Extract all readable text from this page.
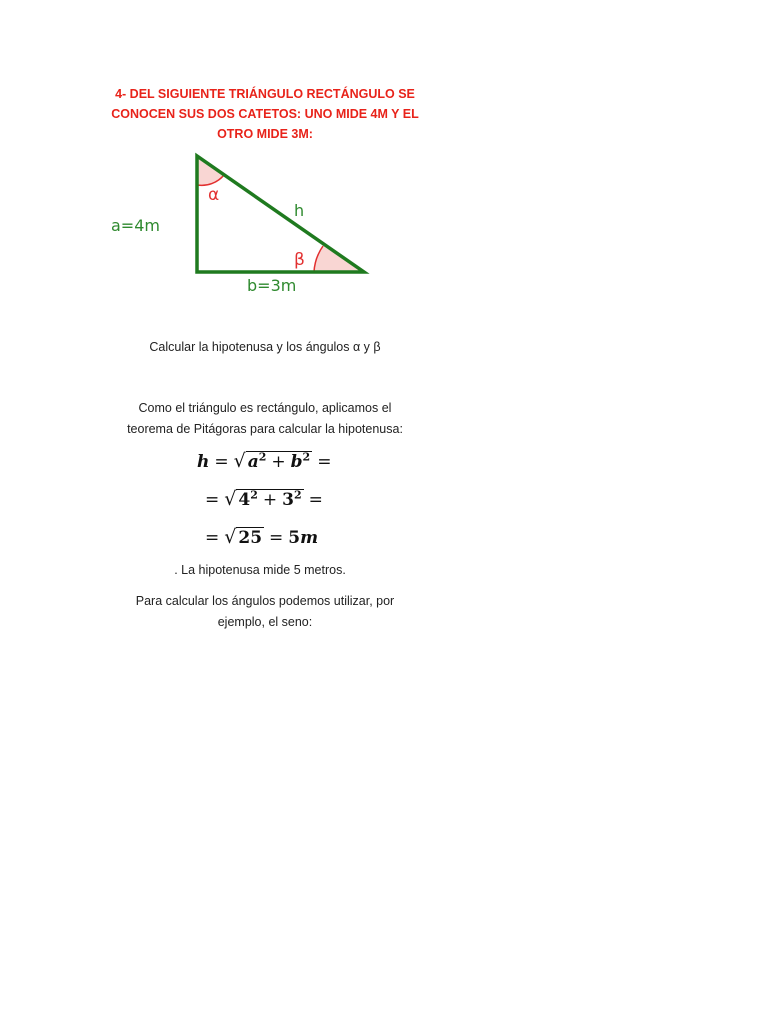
4- DEL SIGUIENTE TRIÁNGULO RECTÁNGULO SE
CONOCEN SUS DOS CATETOS: UNO MIDE 4M Y EL
OTRO MIDE 3M:
a=4m
b=3m
h
α
β
Calcular la hipotenusa y los ángulos α y β
Como el triángulo es rectángulo, aplicamos el
teorema de Pitágoras para calcular la hipotenusa:
h = √ $a^2 + b^2$ =
= √ $4^2 + 3^2$ =
= √ 25 = 5m
. La hipotenusa mide 5 metros.
Para calcular los ángulos podemos utilizar, por
ejemplo, el seno:
